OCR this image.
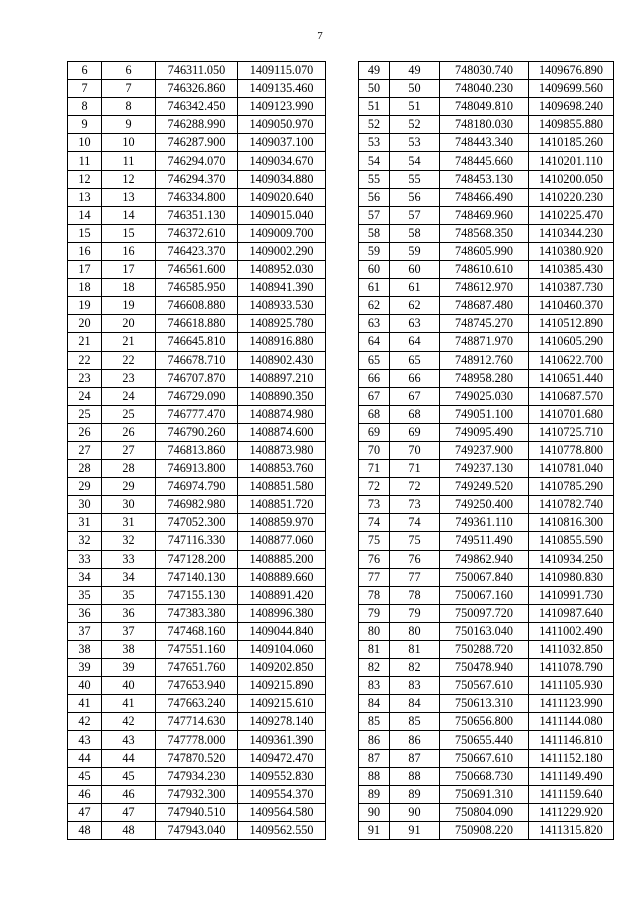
7
6	6	746311.050	1409115.070
7	7	746326.860	1409135.460
8	8	746342.450	1409123.990
9	9	746288.990	1409050.970
10	10	746287.900	1409037.100
11	11	746294.070	1409034.670
12	12	746294.370	1409034.880
13	13	746334.800	1409020.640
14	14	746351.130	1409015.040
15	15	746372.610	1409009.700
16	16	746423.370	1409002.290
17	17	746561.600	1408952.030
18	18	746585.950	1408941.390
19	19	746608.880	1408933.530
20	20	746618.880	1408925.780
21	21	746645.810	1408916.880
22	22	746678.710	1408902.430
23	23	746707.870	1408897.210
24	24	746729.090	1408890.350
25	25	746777.470	1408874.980
26	26	746790.260	1408874.600
27	27	746813.860	1408873.980
28	28	746913.800	1408853.760
29	29	746974.790	1408851.580
30	30	746982.980	1408851.720
31	31	747052.300	1408859.970
32	32	747116.330	1408877.060
33	33	747128.200	1408885.200
34	34	747140.130	1408889.660
35	35	747155.130	1408891.420
36	36	747383.380	1408996.380
37	37	747468.160	1409044.840
38	38	747551.160	1409104.060
39	39	747651.760	1409202.850
40	40	747653.940	1409215.890
41	41	747663.240	1409215.610
42	42	747714.630	1409278.140
43	43	747778.000	1409361.390
44	44	747870.520	1409472.470
45	45	747934.230	1409552.830
46	46	747932.300	1409554.370
47	47	747940.510	1409564.580
48	48	747943.040	1409562.550
49	49	748030.740	1409676.890
50	50	748040.230	1409699.560
51	51	748049.810	1409698.240
52	52	748180.030	1409855.880
53	53	748443.340	1410185.260
54	54	748445.660	1410201.110
55	55	748453.130	1410200.050
56	56	748466.490	1410220.230
57	57	748469.960	1410225.470
58	58	748568.350	1410344.230
59	59	748605.990	1410380.920
60	60	748610.610	1410385.430
61	61	748612.970	1410387.730
62	62	748687.480	1410460.370
63	63	748745.270	1410512.890
64	64	748871.970	1410605.290
65	65	748912.760	1410622.700
66	66	748958.280	1410651.440
67	67	749025.030	1410687.570
68	68	749051.100	1410701.680
69	69	749095.490	1410725.710
70	70	749237.900	1410778.800
71	71	749237.130	1410781.040
72	72	749249.520	1410785.290
73	73	749250.400	1410782.740
74	74	749361.110	1410816.300
75	75	749511.490	1410855.590
76	76	749862.940	1410934.250
77	77	750067.840	1410980.830
78	78	750067.160	1410991.730
79	79	750097.720	1410987.640
80	80	750163.040	1411002.490
81	81	750288.720	1411032.850
82	82	750478.940	1411078.790
83	83	750567.610	1411105.930
84	84	750613.310	1411123.990
85	85	750656.800	1411144.080
86	86	750655.440	1411146.810
87	87	750667.610	1411152.180
88	88	750668.730	1411149.490
89	89	750691.310	1411159.640
90	90	750804.090	1411229.920
91	91	750908.220	1411315.820
